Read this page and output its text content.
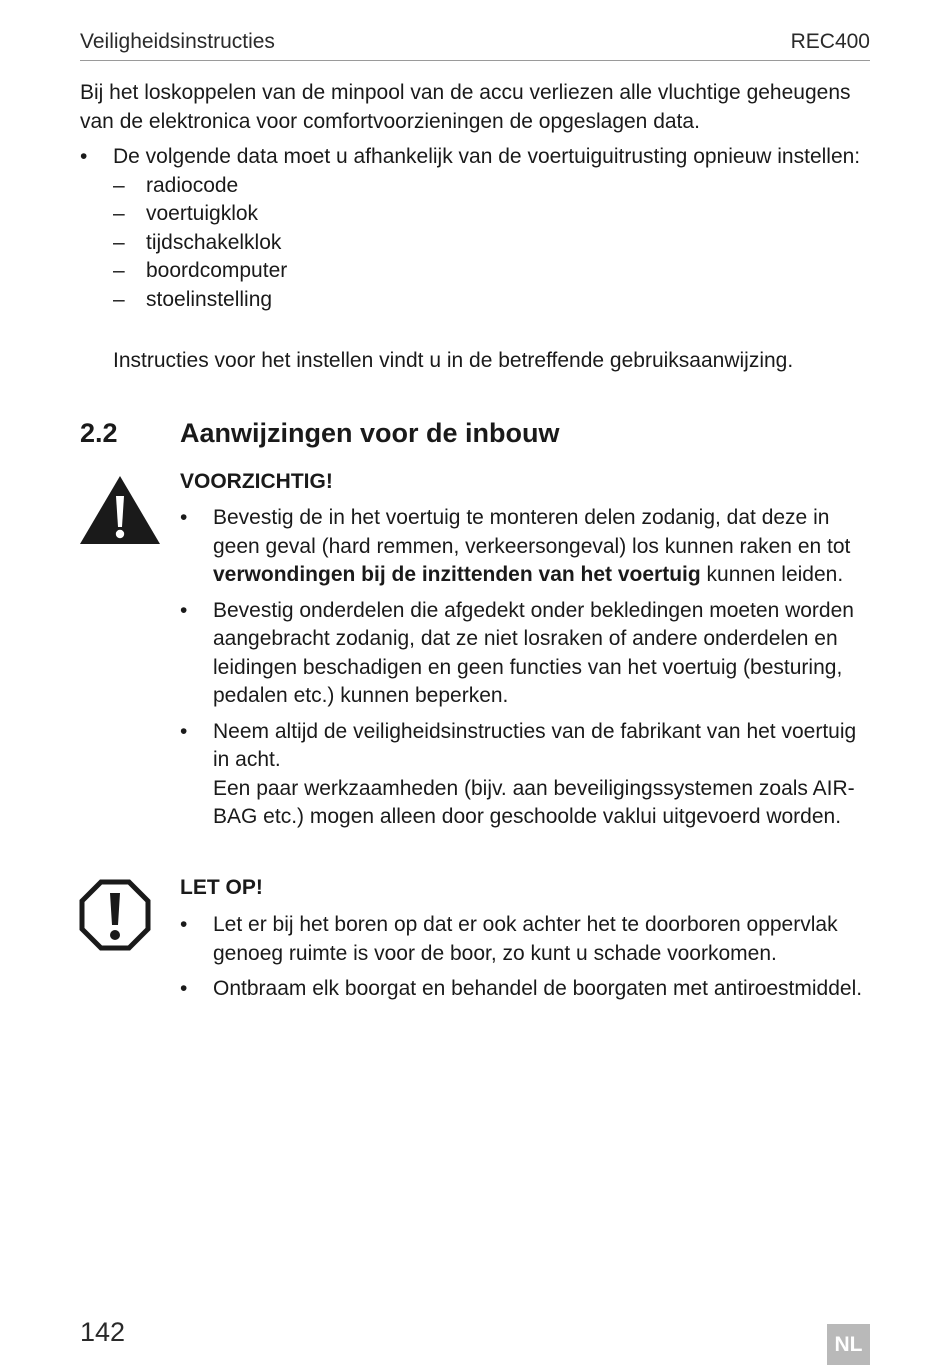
Veiligheidsinstructies	REC400

Bij het loskoppelen van de minpool van de accu verliezen alle vluchtige geheugens van de elektronica voor comfortvoorzieningen de opgeslagen data.

• De volgende data moet u afhankelijk van de voertuiguitrusting opnieuw instellen:
– radiocode
– voertuigklok
– tijdschakelklok
– boordcomputer
– stoelinstelling

Instructies voor het instellen vindt u in de betreffende gebruiksaanwijzing.

2.2 Aanwijzingen voor de inbouw
VOORZICHTIG!
• Bevestig de in het voertuig te monteren delen zodanig, dat deze in geen geval (hard remmen, verkeersongeval) los kunnen raken en tot verwondingen bij de inzittenden van het voertuig kunnen leiden.
• Bevestig onderdelen die afgedekt onder bekledingen moeten worden aangebracht zodanig, dat ze niet losraken of andere onderdelen en leidingen beschadigen en geen functies van het voertuig (besturing, pedalen etc.) kunnen beperken.
• Neem altijd de veiligheidsinstructies van de fabrikant van het voertuig in acht.
Een paar werkzaamheden (bijv. aan beveiligingssystemen zoals AIRBAG etc.) mogen alleen door geschoolde vaklui uitgevoerd worden.
LET OP!
• Let er bij het boren op dat er ook achter het te doorboren oppervlak genoeg ruimte is voor de boor, zo kunt u schade voorkomen.
• Ontbraam elk boorgat en behandel de boorgaten met antiroestmiddel.
142	NL
